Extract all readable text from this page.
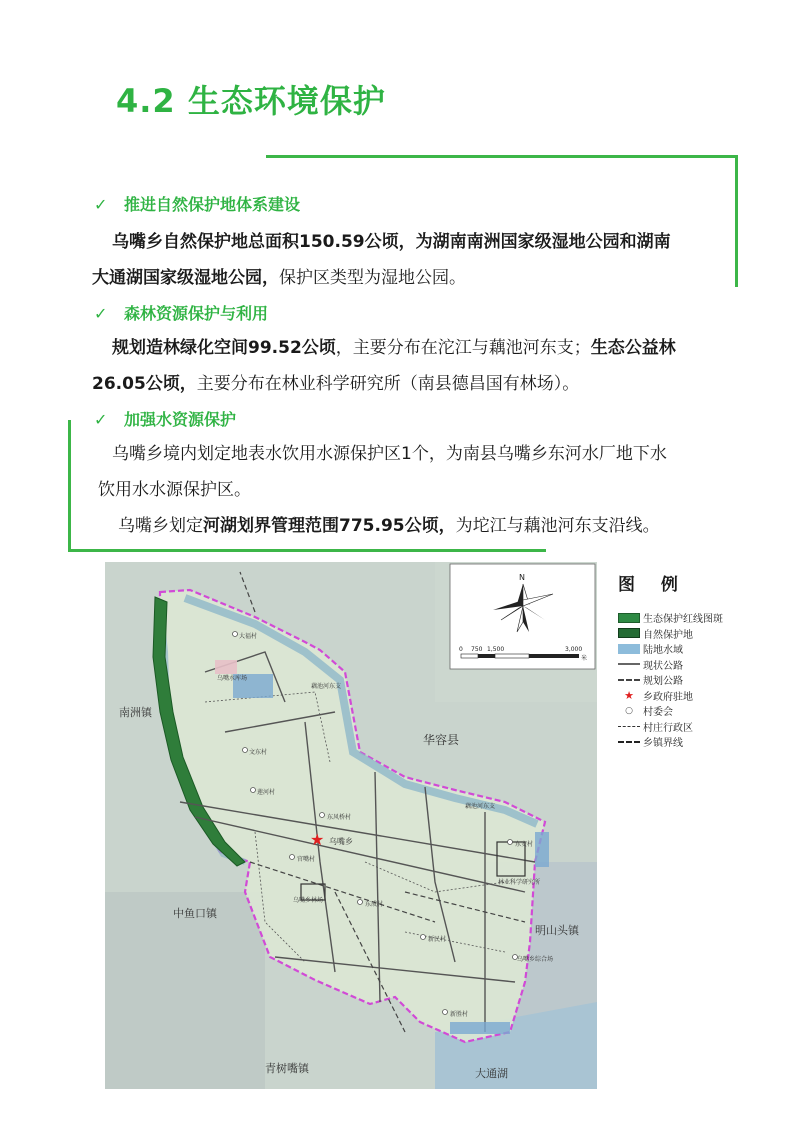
4.2 生态环境保护
✓ 推进自然保护地体系建设
乌嘴乡自然保护地总面积150.59公顷，为湖南南洲国家级湿地公园和湖南
大通湖国家级湿地公园，保护区类型为湿地公园。
✓ 森林资源保护与利用
规划造林绿化空间99.52公顷，主要分布在沱江与藕池河东支；生态公益林
26.05公顷，主要分布在林业科学研究所（南县德昌国有林场）。
✓ 加强水资源保护
乌嘴乡境内划定地表水饮用水源保护区1个，为南县乌嘴乡东河水厂地下水
饮用水水源保护区。
乌嘴乡划定河湖划界管理范围775.95公顷，为坨江与藕池河东支沿线。
★
南洲镇
华容县
中鱼口镇
明山头镇
青树嘴镇	大通湖
乌嘴乡
藕池河东支
藕池河东支
东风桥村
官嘴村
乌嘴乡林场
东成村
林业科学研究所
东安村
新民村
乌嘴乡综合场
新胜村
文东村
莲河村
乌嘴水库场
大福村
N
0 750 1,500	3,000
米
图 例
生态保护红线图斑
自然保护地
陆地水域
现状公路
规划公路
★ 乡政府驻地
○	村委会
村庄行政区
乡镇界线
